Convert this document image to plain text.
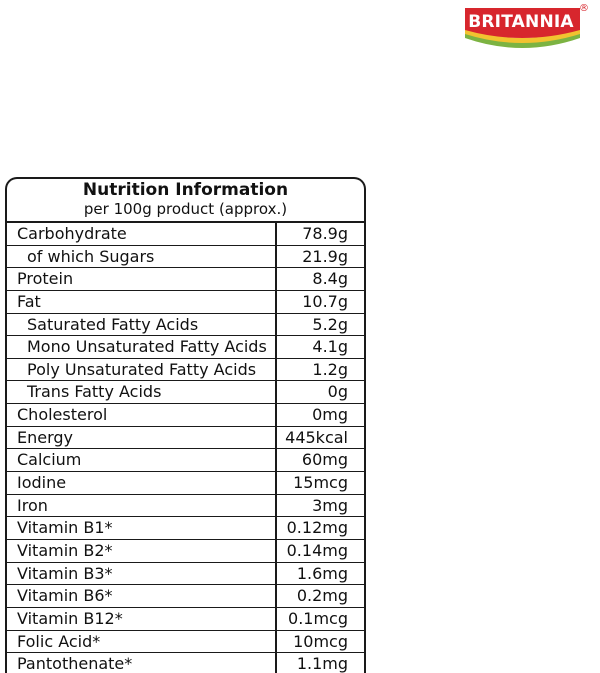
BRITANNIA
®
Nutrition Information
per 100g product (approx.)
Carbohydrate	78.9g
of which Sugars	21.9g
Protein	8.4g
Fat	10.7g
Saturated Fatty Acids	5.2g
Mono Unsaturated Fatty Acids	4.1g
Poly Unsaturated Fatty Acids	1.2g
Trans Fatty Acids	0g
Cholesterol	0mg
Energy	445kcal
Calcium	60mg
Iodine	15mcg
Iron	3mg
Vitamin B1*	0.12mg
Vitamin B2*	0.14mg
Vitamin B3*	1.6mg
Vitamin B6*	0.2mg
Vitamin B12*	0.1mcg
Folic Acid*	10mcg
Pantothenate*	1.1mg
